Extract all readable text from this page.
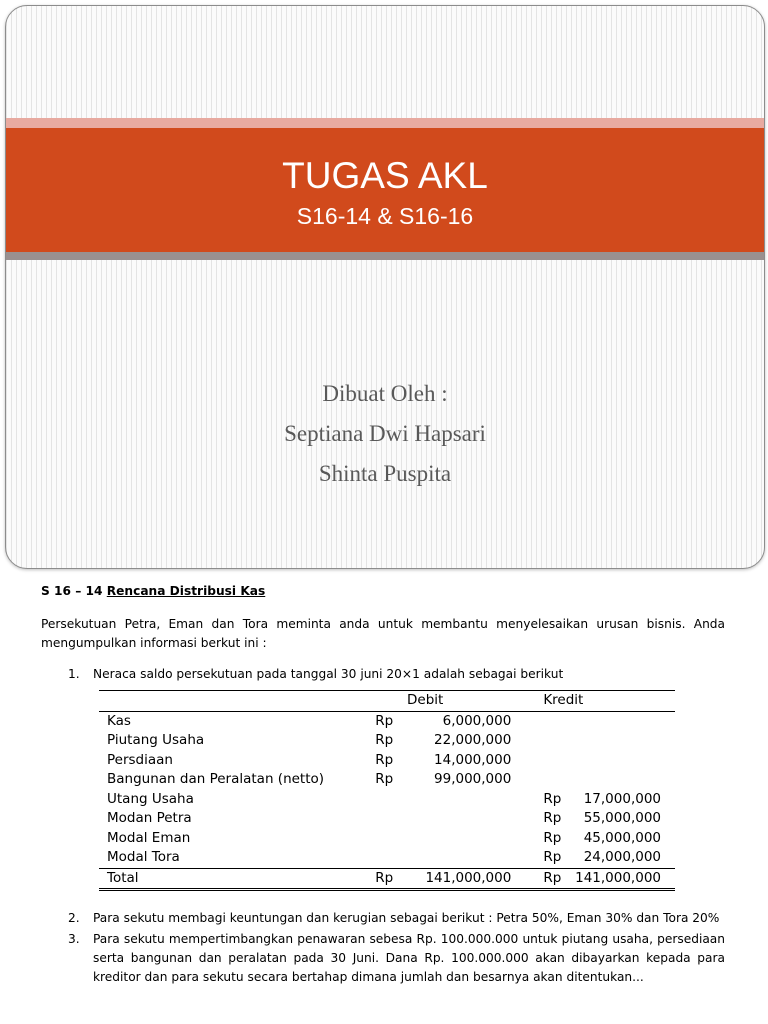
TUGAS AKL
S16-14 & S16-16
Dibuat Oleh :
Septiana Dwi Hapsari
Shinta Puspita
S 16 – 14 Rencana Distribusi Kas
Persekutuan Petra, Eman dan Tora meminta anda untuk membantu menyelesaikan urusan bisnis. Anda mengumpulkan informasi berkut ini :
1.	Neraca saldo persekutuan pada tanggal 30 juni 20×1 adalah sebagai berikut
		Debit	Kredit	
Kas	Rp	6,000,000		
Piutang Usaha	Rp	22,000,000		
Persdiaan	Rp	14,000,000		
Bangunan dan Peralatan (netto)	Rp	99,000,000		
Utang Usaha			Rp	17,000,000
Modan Petra			Rp	55,000,000
Modal Eman			Rp	45,000,000
Modal Tora			Rp	24,000,000
Total	Rp	141,000,000	Rp	141,000,000
2.	Para sekutu membagi keuntungan dan kerugian sebagai berikut : Petra 50%, Eman 30% dan Tora 20%
3.	Para sekutu mempertimbangkan penawaran sebesa Rp. 100.000.000 untuk piutang usaha, persediaan serta bangunan dan peralatan pada 30 Juni. Dana Rp. 100.000.000 akan dibayarkan kepada para kreditor dan para sekutu secara bertahap dimana jumlah dan besarnya akan ditentukan...
